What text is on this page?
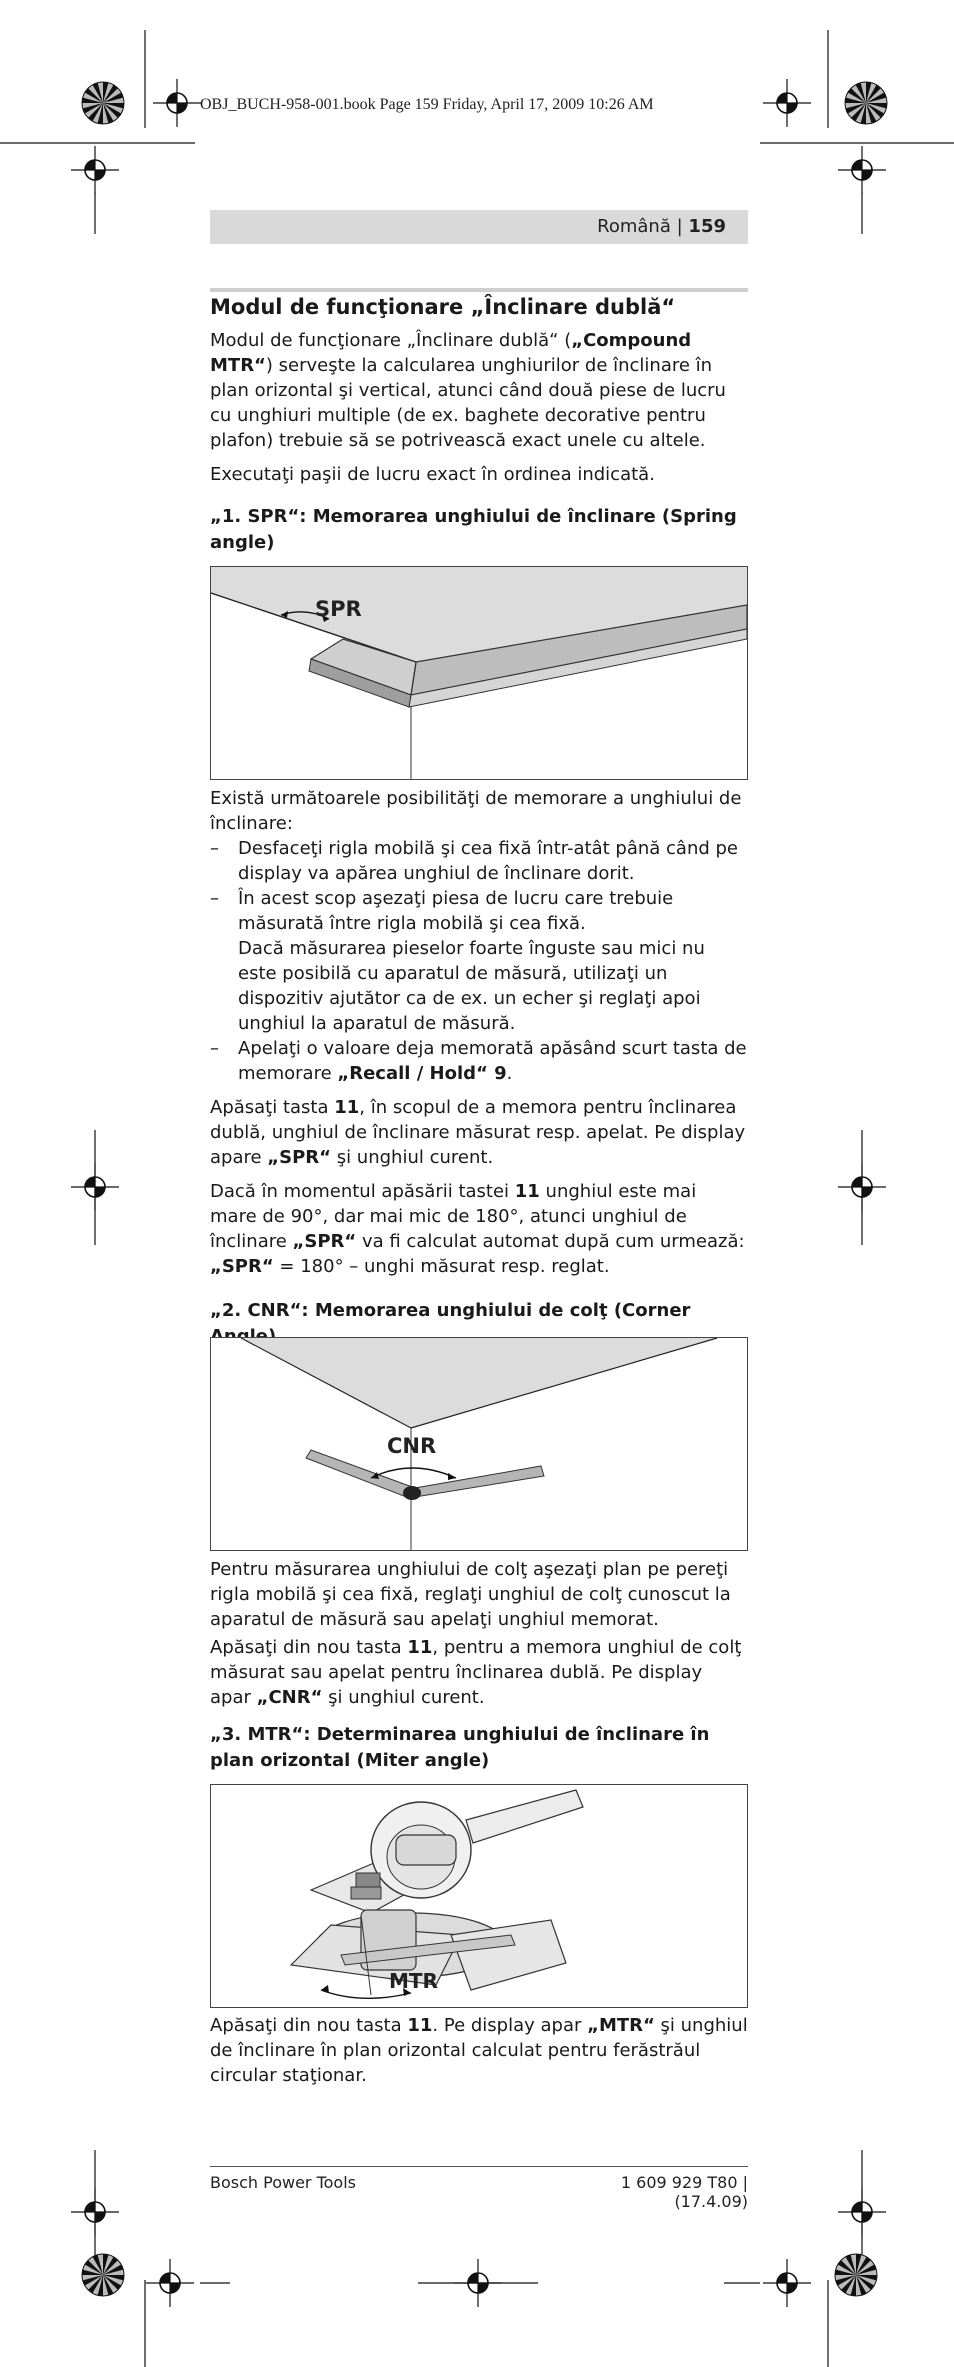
OBJ_BUCH-958-001.book Page 159 Friday, April 17, 2009 10:26 AM
Română | 159
Modul de funcţionare „Înclinare dublă“

Modul de funcţionare „Înclinare dublă“ („Compound MTR“) serveşte la calcularea unghiurilor de înclinare în plan orizontal şi vertical, atunci când două piese de lucru cu unghiuri multiple (de ex. baghete decorative pentru plafon) trebuie să se potrivească exact unele cu altele.

Executaţi paşii de lucru exact în ordinea indicată.

„1. SPR“: Memorarea unghiului de înclinare (Spring angle)
SPR

Există următoarele posibilităţi de memorare a unghiului de înclinare:

– Desfaceţi rigla mobilă şi cea fixă într-atât până când pe display va apărea unghiul de înclinare dorit.

– În acest scop aşezaţi piesa de lucru care trebuie măsurată între rigla mobilă şi cea fixă.
Dacă măsurarea pieselor foarte înguste sau mici nu este posibilă cu aparatul de măsură, utilizaţi un dispozitiv ajutător ca de ex. un echer şi reglaţi apoi unghiul la aparatul de măsură.

– Apelaţi o valoare deja memorată apăsând scurt tasta de memorare „Recall / Hold“ 9.

Apăsaţi tasta 11, în scopul de a memora pentru înclinarea dublă, unghiul de înclinare măsurat resp. apelat. Pe display apare „SPR“ şi unghiul curent.

Dacă în momentul apăsării tastei 11 unghiul este mai mare de 90°, dar mai mic de 180°, atunci unghiul de înclinare „SPR“ va fi calculat automat după cum urmează:
„SPR“ = 180° – unghi măsurat resp. reglat.

„2. CNR“: Memorarea unghiului de colţ (Corner
CNR

Pentru măsurarea unghiului de colţ aşezaţi plan pe pereţi rigla mobilă şi cea fixă, reglaţi unghiul de colţ cunoscut la aparatul de măsură sau apelaţi unghiul memorat.

Apăsaţi din nou tasta 11, pentru a memora unghiul de colţ măsurat sau apelat pentru înclinarea dublă. Pe display apar „CNR“ şi unghiul curent.

„3. MTR“: Determinarea unghiului de înclinare în plan orizontal (Miter angle)
MTR

Apăsaţi din nou tasta 11. Pe display apar „MTR“ şi unghiul de înclinare în plan orizontal calculat pentru ferăstrăul circular staţionar.

Bosch Power Tools	1 609 929 T80 | (17.4.09)
